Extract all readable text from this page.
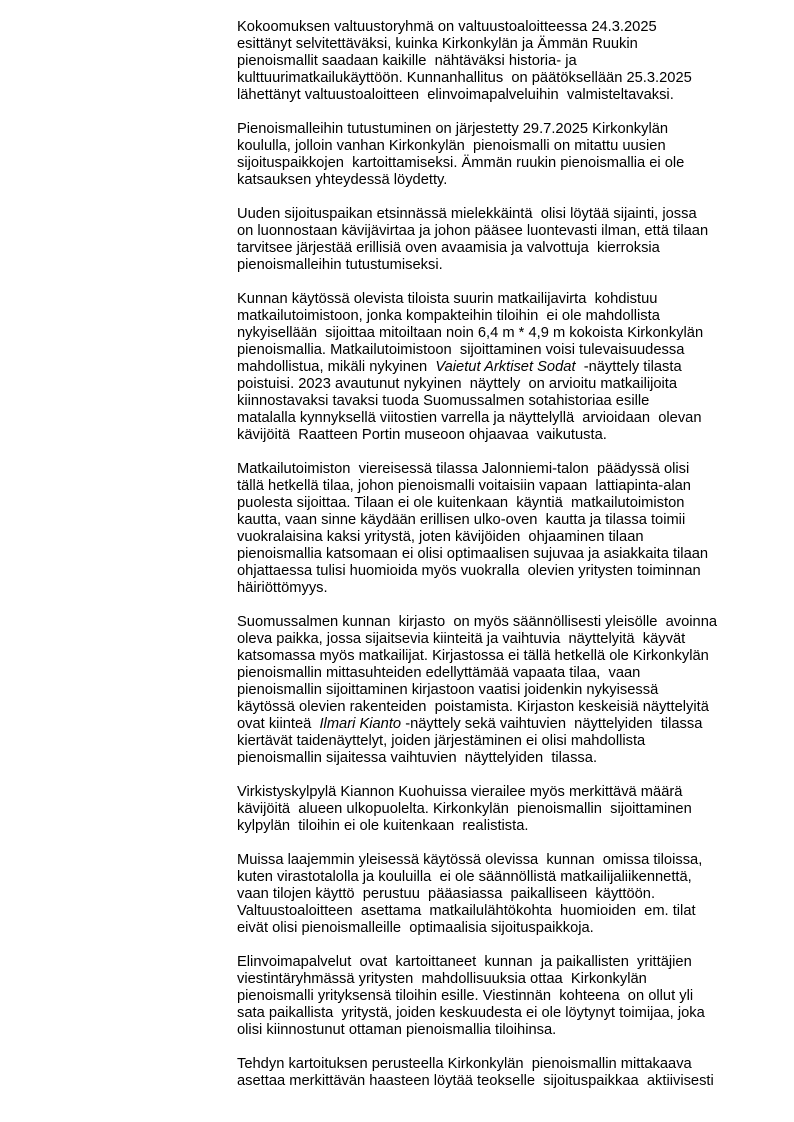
Kokoomuksen valtuustoryhmä on valtuustoaloitteessa 24.3.2025
esittänyt selvitettäväksi, kuinka Kirkonkylän ja Ämmän Ruukin
pienoismallit saadaan kaikille  nähtäväksi historia- ja
kulttuurimatkailukäyttöön. Kunnanhallitus  on päätöksellään 25.3.2025
lähettänyt valtuustoaloitteen  elinvoimapalveluihin  valmisteltavaksi.

Pienoismalleihin tutustuminen on järjestetty 29.7.2025 Kirkonkylän
koululla, jolloin vanhan Kirkonkylän  pienoismalli on mitattu uusien
sijoituspaikkojen  kartoittamiseksi. Ämmän ruukin pienoismallia ei ole
katsauksen yhteydessä löydetty.

Uuden sijoituspaikan etsinnässä mielekkäintä  olisi löytää sijainti, jossa
on luonnostaan kävijävirtaa ja johon pääsee luontevasti ilman, että tilaan
tarvitsee järjestää erillisiä oven avaamisia ja valvottuja  kierroksia
pienoismalleihin tutustumiseksi.

Kunnan käytössä olevista tiloista suurin matkailijavirta  kohdistuu
matkailutoimistoon, jonka kompakteihin tiloihin  ei ole mahdollista
nykyisellään  sijoittaa mitoiltaan noin 6,4 m * 4,9 m kokoista Kirkonkylän
pienoismallia. Matkailutoimistoon  sijoittaminen voisi tulevaisuudessa
mahdollistua, mikäli nykyinen  Vaietut Arktiset Sodat  -näyttely tilasta
poistuisi. 2023 avautunut nykyinen  näyttely  on arvioitu matkailijoita
kiinnostavaksi tavaksi tuoda Suomussalmen sotahistoriaa esille
matalalla kynnyksellä viitostien varrella ja näyttelyllä  arvioidaan  olevan
kävijöitä  Raatteen Portin museoon ohjaavaa  vaikutusta.

Matkailutoimiston  viereisessä tilassa Jalonniemi-talon  päädyssä olisi
tällä hetkellä tilaa, johon pienoismalli voitaisiin vapaan  lattiapinta-alan
puolesta sijoittaa. Tilaan ei ole kuitenkaan  käyntiä  matkailutoimiston
kautta, vaan sinne käydään erillisen ulko-oven  kautta ja tilassa toimii
vuokralaisina kaksi yritystä, joten kävijöiden  ohjaaminen tilaan
pienoismallia katsomaan ei olisi optimaalisen sujuvaa ja asiakkaita tilaan
ohjattaessa tulisi huomioida myös vuokralla  olevien yritysten toiminnan
häiriöttömyys.

Suomussalmen kunnan  kirjasto  on myös säännöllisesti yleisölle  avoinna
oleva paikka, jossa sijaitsevia kiinteitä ja vaihtuvia  näyttelyitä  käyvät
katsomassa myös matkailijat. Kirjastossa ei tällä hetkellä ole Kirkonkylän
pienoismallin mittasuhteiden edellyttämää vapaata tilaa,  vaan
pienoismallin sijoittaminen kirjastoon vaatisi joidenkin nykyisessä
käytössä olevien rakenteiden  poistamista. Kirjaston keskeisiä näyttelyitä
ovat kiinteä  Ilmari Kianto -näyttely sekä vaihtuvien  näyttelyiden  tilassa
kiertävät taidenäyttelyt, joiden järjestäminen ei olisi mahdollista
pienoismallin sijaitessa vaihtuvien  näyttelyiden  tilassa.

Virkistyskylpylä Kiannon Kuohuissa vierailee myös merkittävä määrä
kävijöitä  alueen ulkopuolelta. Kirkonkylän  pienoismallin  sijoittaminen
kylpylän  tiloihin ei ole kuitenkaan  realistista.

Muissa laajemmin yleisessä käytössä olevissa  kunnan  omissa tiloissa,
kuten virastotalolla ja kouluilla  ei ole säännöllistä matkailijaliikennettä,
vaan tilojen käyttö  perustuu  pääasiassa  paikalliseen  käyttöön.
Valtuustoaloitteen  asettama  matkailulähtökohta  huomioiden  em. tilat
eivät olisi pienoismalleille  optimaalisia sijoituspaikkoja.

Elinvoimapalvelut  ovat  kartoittaneet  kunnan  ja paikallisten  yrittäjien
viestintäryhmässä yritysten  mahdollisuuksia ottaa  Kirkonkylän
pienoismalli yrityksensä tiloihin esille. Viestinnän  kohteena  on ollut yli
sata paikallista  yritystä, joiden keskuudesta ei ole löytynyt toimijaa, joka
olisi kiinnostunut ottaman pienoismallia tiloihinsa.

Tehdyn kartoituksen perusteella Kirkonkylän  pienoismallin mittakaava
asettaa merkittävän haasteen löytää teokselle  sijoituspaikkaa  aktiivisesti
